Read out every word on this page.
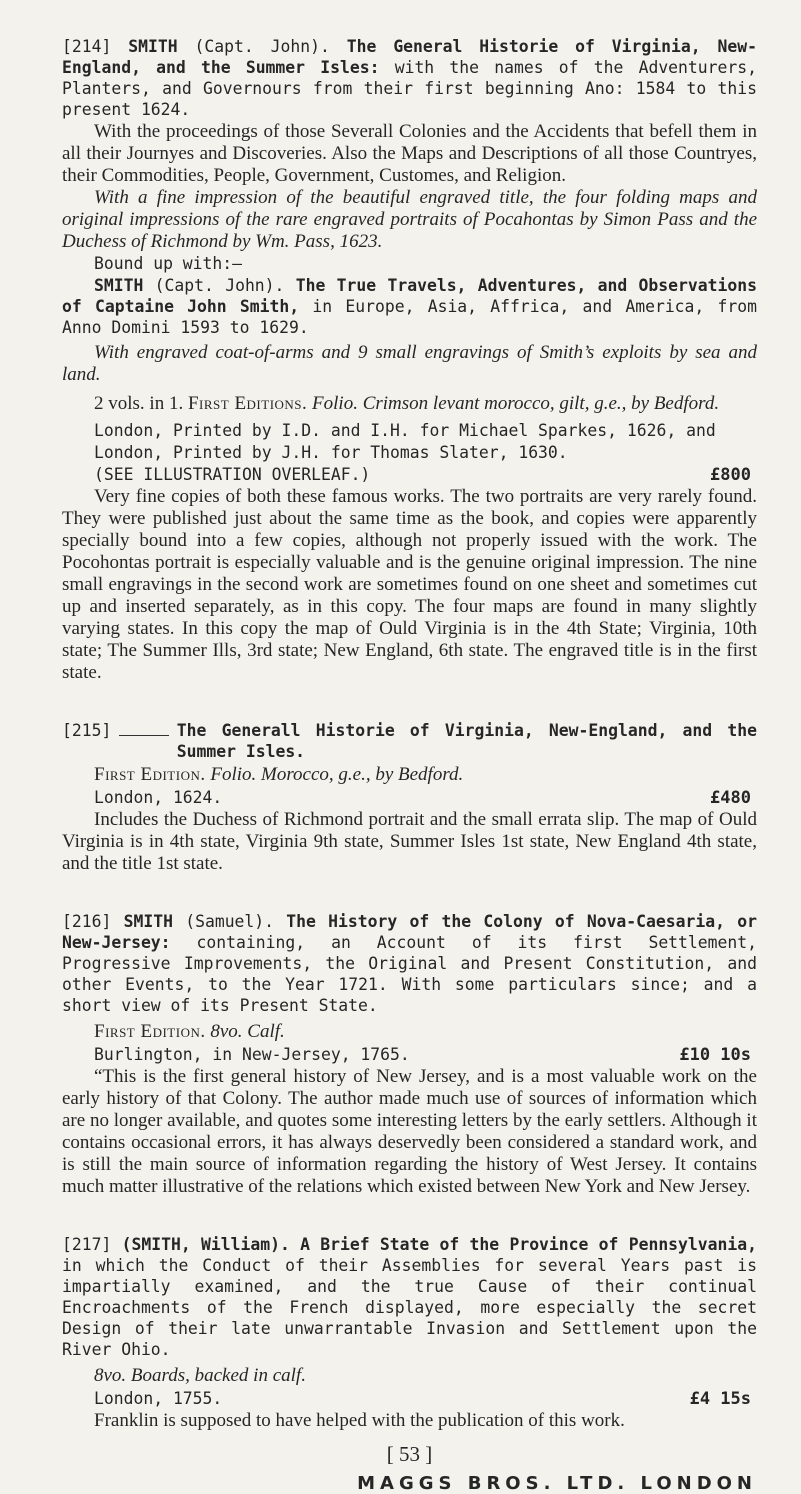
[214] SMITH (Capt. John). The General Historie of Virginia, New-England, and the Summer Isles: with the names of the Adventurers, Planters, and Governours from their first beginning Ano: 1584 to this present 1624.

With the proceedings of those Severall Colonies and the Accidents that befell them in all their Journyes and Discoveries. Also the Maps and Descriptions of all those Countryes, their Commodities, People, Government, Customes, and Religion.

With a fine impression of the beautiful engraved title, the four folding maps and original impressions of the rare engraved portraits of Pocahontas by Simon Pass and the Duchess of Richmond by Wm. Pass, 1623.

Bound up with:—

SMITH (Capt. John). The True Travels, Adventures, and Observations of Captaine John Smith, in Europe, Asia, Affrica, and America, from Anno Domini 1593 to 1629.

With engraved coat-of-arms and 9 small engravings of Smith’s exploits by sea and land.

2 vols. in 1. First Editions. Folio. Crimson levant morocco, gilt, g.e., by Bedford.

London, Printed by I.D. and I.H. for Michael Sparkes, 1626, and London, Printed by J.H. for Thomas Slater, 1630.

(SEE ILLUSTRATION OVERLEAF.)	£800

Very fine copies of both these famous works. The two portraits are very rarely found. They were published just about the same time as the book, and copies were apparently specially bound into a few copies, although not properly issued with the work. The Pocohontas portrait is especially valuable and is the genuine original impression. The nine small engravings in the second work are sometimes found on one sheet and sometimes cut up and inserted separately, as in this copy. The four maps are found in many slightly varying states. In this copy the map of Ould Virginia is in the 4th State; Virginia, 10th state; The Summer Ills, 3rd state; New England, 6th state. The engraved title is in the first state.

[215]	The Generall Historie of Virginia, New-England, and the Summer Isles.

First Edition. Folio. Morocco, g.e., by Bedford.

London, 1624.	£480

Includes the Duchess of Richmond portrait and the small errata slip. The map of Ould Virginia is in 4th state, Virginia 9th state, Summer Isles 1st state, New England 4th state, and the title 1st state.

[216] SMITH (Samuel). The History of the Colony of Nova-Caesaria, or New-Jersey: containing, an Account of its first Settlement, Progressive Improvements, the Original and Present Constitution, and other Events, to the Year 1721. With some particulars since; and a short view of its Present State.

First Edition. 8vo. Calf.

Burlington, in New-Jersey, 1765.	£10 10s

“This is the first general history of New Jersey, and is a most valuable work on the early history of that Colony. The author made much use of sources of information which are no longer available, and quotes some interesting letters by the early settlers. Although it contains occasional errors, it has always deservedly been considered a standard work, and is still the main source of information regarding the history of West Jersey. It contains much matter illustrative of the relations which existed between New York and New Jersey.

[217] (SMITH, William). A Brief State of the Province of Pennsylvania, in which the Conduct of their Assemblies for several Years past is impartially examined, and the true Cause of their continual Encroachments of the French displayed, more especially the secret Design of their late unwarrantable Invasion and Settlement upon the River Ohio.

8vo. Boards, backed in calf.

London, 1755.	£4 15s

Franklin is supposed to have helped with the publication of this work.

[ 53 ]
MAGGS BROS. LTD. LONDON
